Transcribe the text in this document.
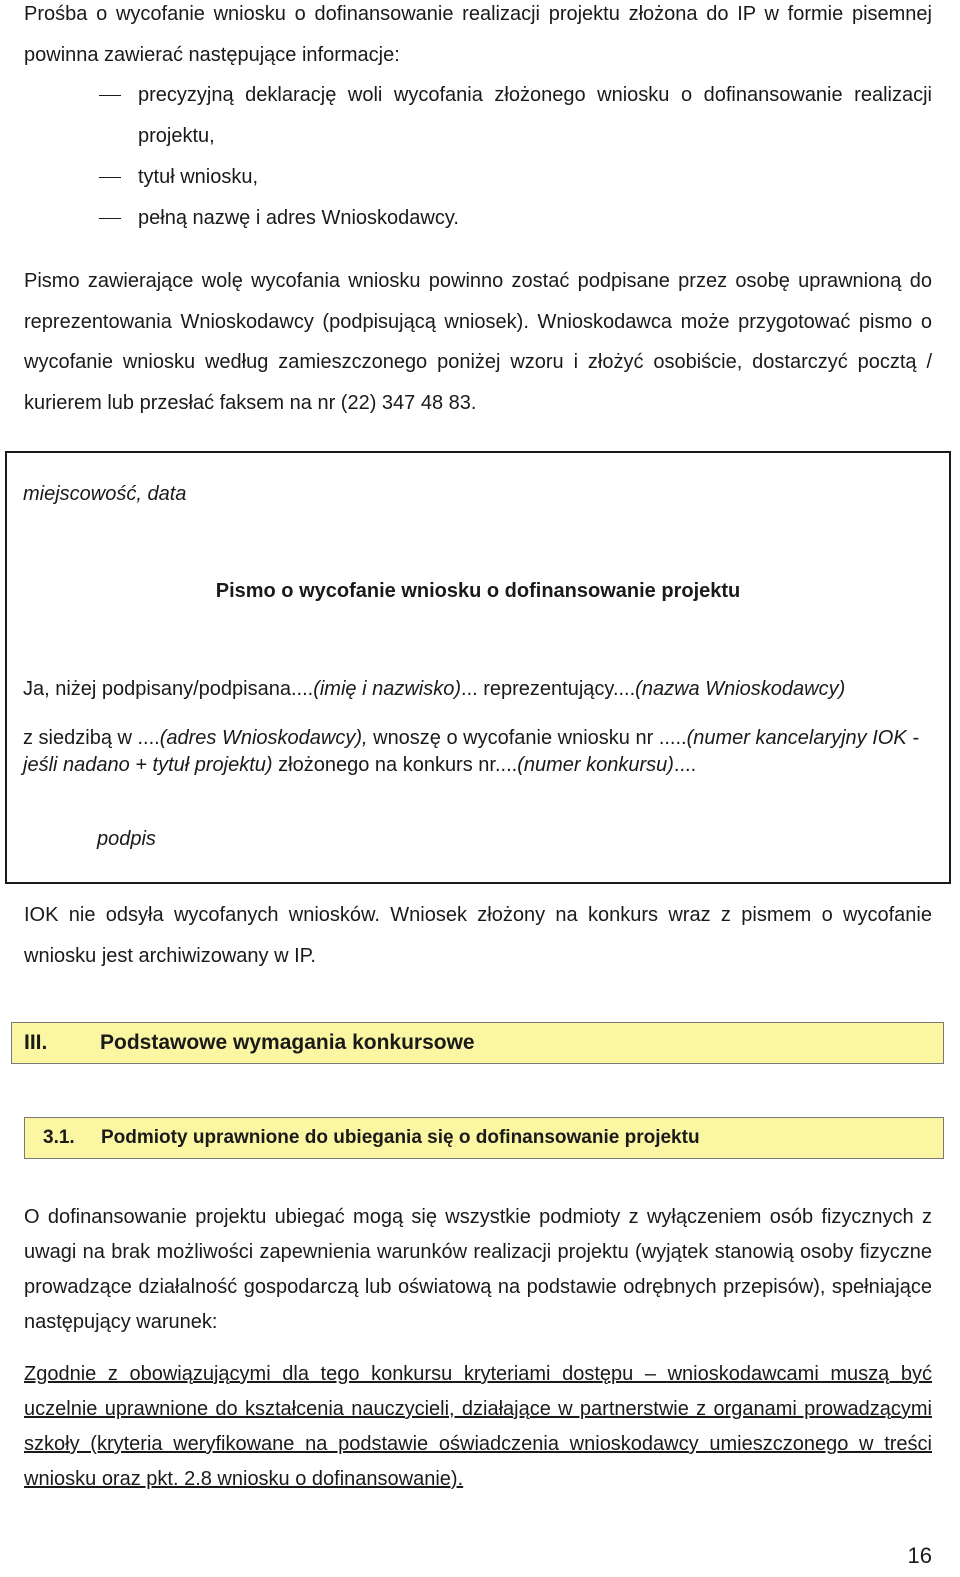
Prośba o wycofanie wniosku o dofinansowanie realizacji projektu złożona do IP w formie pisemnej powinna zawierać następujące informacje:

precyzyjną deklarację woli wycofania złożonego wniosku o dofinansowanie realizacji projektu,

tytuł wniosku,

pełną nazwę i adres Wnioskodawcy.

Pismo zawierające wolę wycofania wniosku powinno zostać podpisane przez osobę uprawnioną do reprezentowania Wnioskodawcy (podpisującą wniosek). Wnioskodawca może przygotować pismo o wycofanie wniosku według zamieszczonego poniżej wzoru i złożyć osobiście, dostarczyć pocztą / kurierem lub przesłać faksem na nr (22) 347 48 83.

miejscowość, data
Pismo o wycofanie wniosku o dofinansowanie projektu
Ja, niżej podpisany/podpisana....(imię i nazwisko)... reprezentujący....(nazwa Wnioskodawcy)
z siedzibą w ....(adres Wnioskodawcy), wnoszę o wycofanie wniosku nr .....(numer kancelaryjny IOK - jeśli nadano + tytuł projektu) złożonego na konkurs nr....(numer konkursu)....
podpis

IOK nie odsyła wycofanych wniosków. Wniosek złożony na konkurs wraz z pismem o wycofanie wniosku jest archiwizowany w IP.

III.	Podstawowe wymagania konkursowe
3.1. Podmioty uprawnione do ubiegania się o dofinansowanie projektu

O dofinansowanie projektu ubiegać mogą się wszystkie podmioty z wyłączeniem osób fizycznych z uwagi na brak możliwości zapewnienia warunków realizacji projektu (wyjątek stanowią osoby fizyczne prowadzące działalność gospodarczą lub oświatową na podstawie odrębnych przepisów), spełniające następujący warunek:

Zgodnie z obowiązującymi dla tego konkursu kryteriami dostępu – wnioskodawcami muszą być uczelnie uprawnione do kształcenia nauczycieli, działające w partnerstwie z organami prowadzącymi szkoły (kryteria weryfikowane na podstawie oświadczenia wnioskodawcy umieszczonego w treści wniosku oraz pkt. 2.8 wniosku o dofinansowanie).

16
